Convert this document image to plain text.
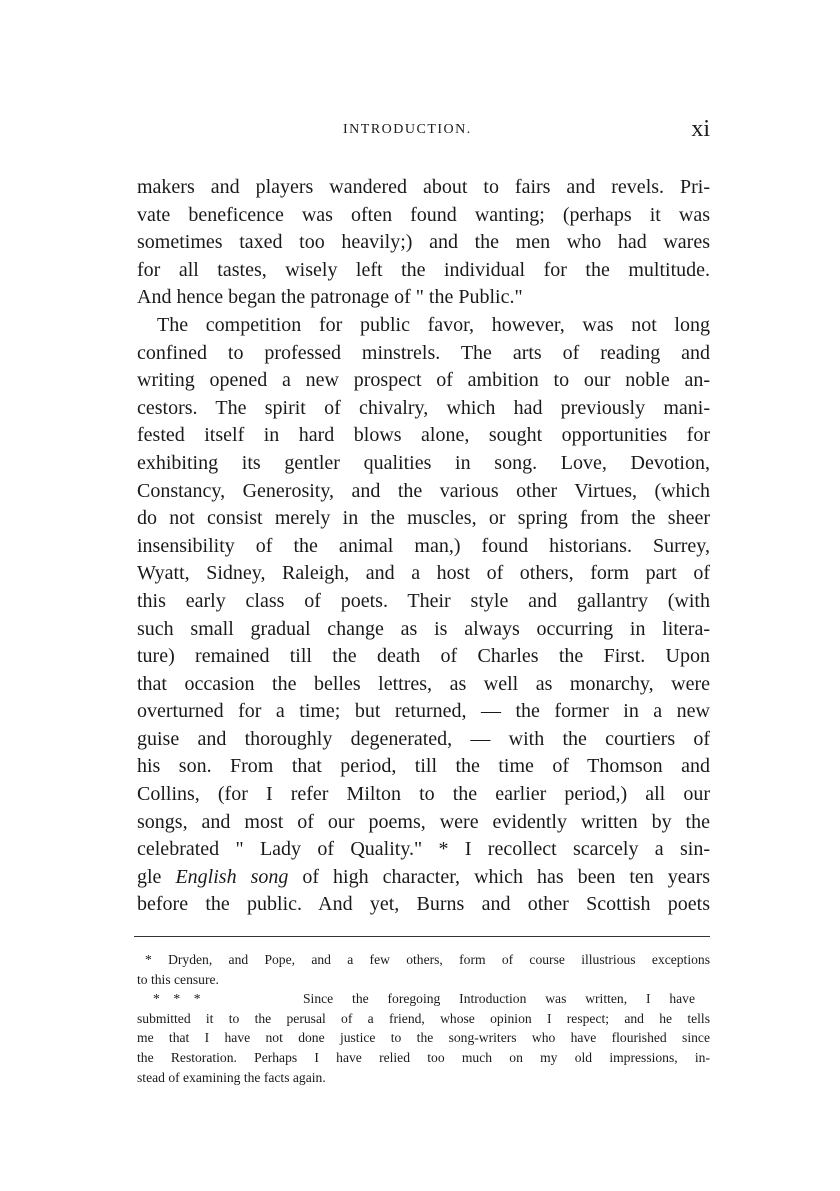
INTRODUCTION.	xi
makers and players wandered about to fairs and revels. Pri-
vate beneficence was often found wanting; (perhaps it was
sometimes taxed too heavily;) and the men who had wares
for all tastes, wisely left the individual for the multitude.
And hence began the patronage of " the Public."
The competition for public favor, however, was not long
confined to professed minstrels. The arts of reading and
writing opened a new prospect of ambition to our noble an-
cestors. The spirit of chivalry, which had previously mani-
fested itself in hard blows alone, sought opportunities for
exhibiting its gentler qualities in song. Love, Devotion,
Constancy, Generosity, and the various other Virtues, (which
do not consist merely in the muscles, or spring from the sheer
insensibility of the animal man,) found historians. Surrey,
Wyatt, Sidney, Raleigh, and a host of others, form part of
this early class of poets. Their style and gallantry (with
such small gradual change as is always occurring in litera-
ture) remained till the death of Charles the First. Upon
that occasion the belles lettres, as well as monarchy, were
overturned for a time; but returned, — the former in a new
guise and thoroughly degenerated, — with the courtiers of
his son. From that period, till the time of Thomson and
Collins, (for I refer Milton to the earlier period,) all our
songs, and most of our poems, were evidently written by the
celebrated " Lady of Quality." * I recollect scarcely a sin-
gle English song of high character, which has been ten years
before the public. And yet, Burns and other Scottish poets
* Dryden, and Pope, and a few others, form of course illustrious exceptions
to this censure.
*    *    *	Since the foregoing Introduction was written, I have
submitted it to the perusal of a friend, whose opinion I respect; and he tells
me that I have not done justice to the song-writers who have flourished since
the Restoration. Perhaps I have relied too much on my old impressions, in-
stead of examining the facts again.
